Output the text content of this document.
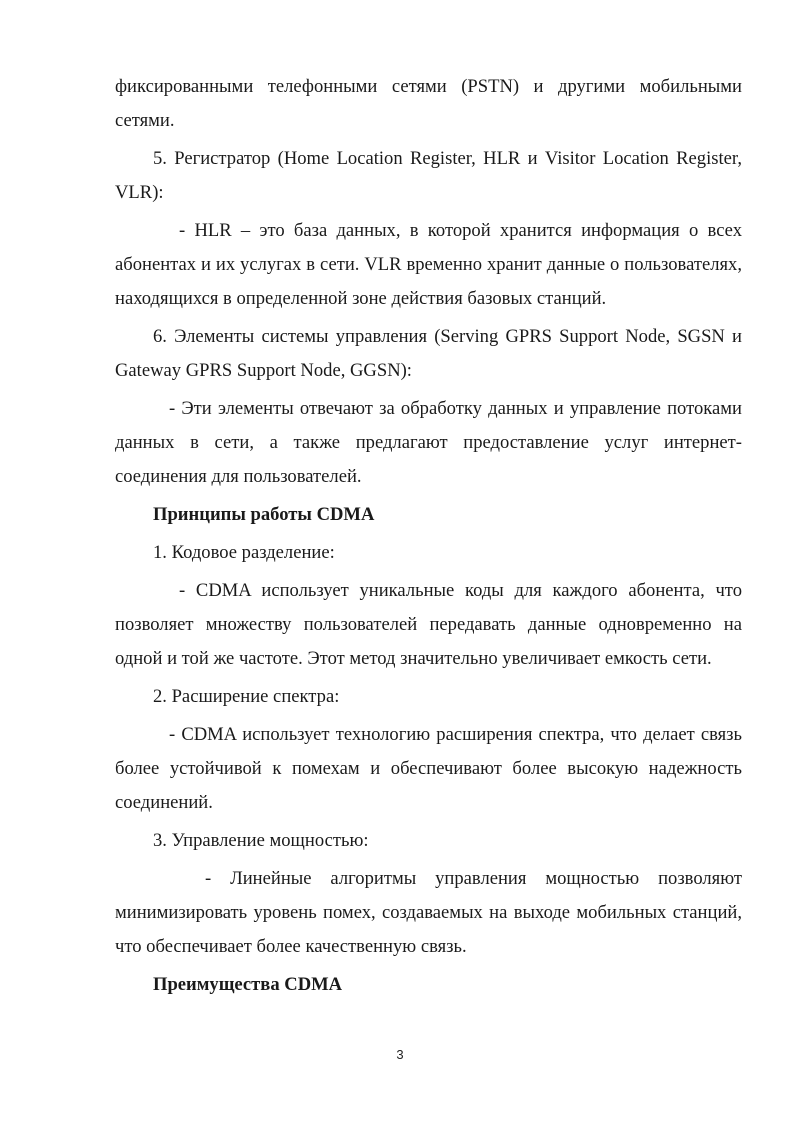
фиксированными телефонными сетями (PSTN) и другими мобильными сетями.

5. Регистратор (Home Location Register, HLR и Visitor Location Register, VLR):

- HLR – это база данных, в которой хранится информация о всех абонентах и их услугах в сети. VLR временно хранит данные о пользователях, находящихся в определенной зоне действия базовых станций.

6. Элементы системы управления (Serving GPRS Support Node, SGSN и Gateway GPRS Support Node, GGSN):

- Эти элементы отвечают за обработку данных и управление потоками данных в сети, а также предлагают предоставление услуг интернет-соединения для пользователей.

Принципы работы CDMA

1. Кодовое разделение:

- CDMA использует уникальные коды для каждого абонента, что позволяет множеству пользователей передавать данные одновременно на одной и той же частоте. Этот метод значительно увеличивает емкость сети.

2. Расширение спектра:

- CDMA использует технологию расширения спектра, что делает связь более устойчивой к помехам и обеспечивают более высокую надежность соединений.

3. Управление мощностью:

- Линейные алгоритмы управления мощностью позволяют минимизировать уровень помех, создаваемых на выходе мобильных станций, что обеспечивает более качественную связь.

Преимущества CDMA

3
